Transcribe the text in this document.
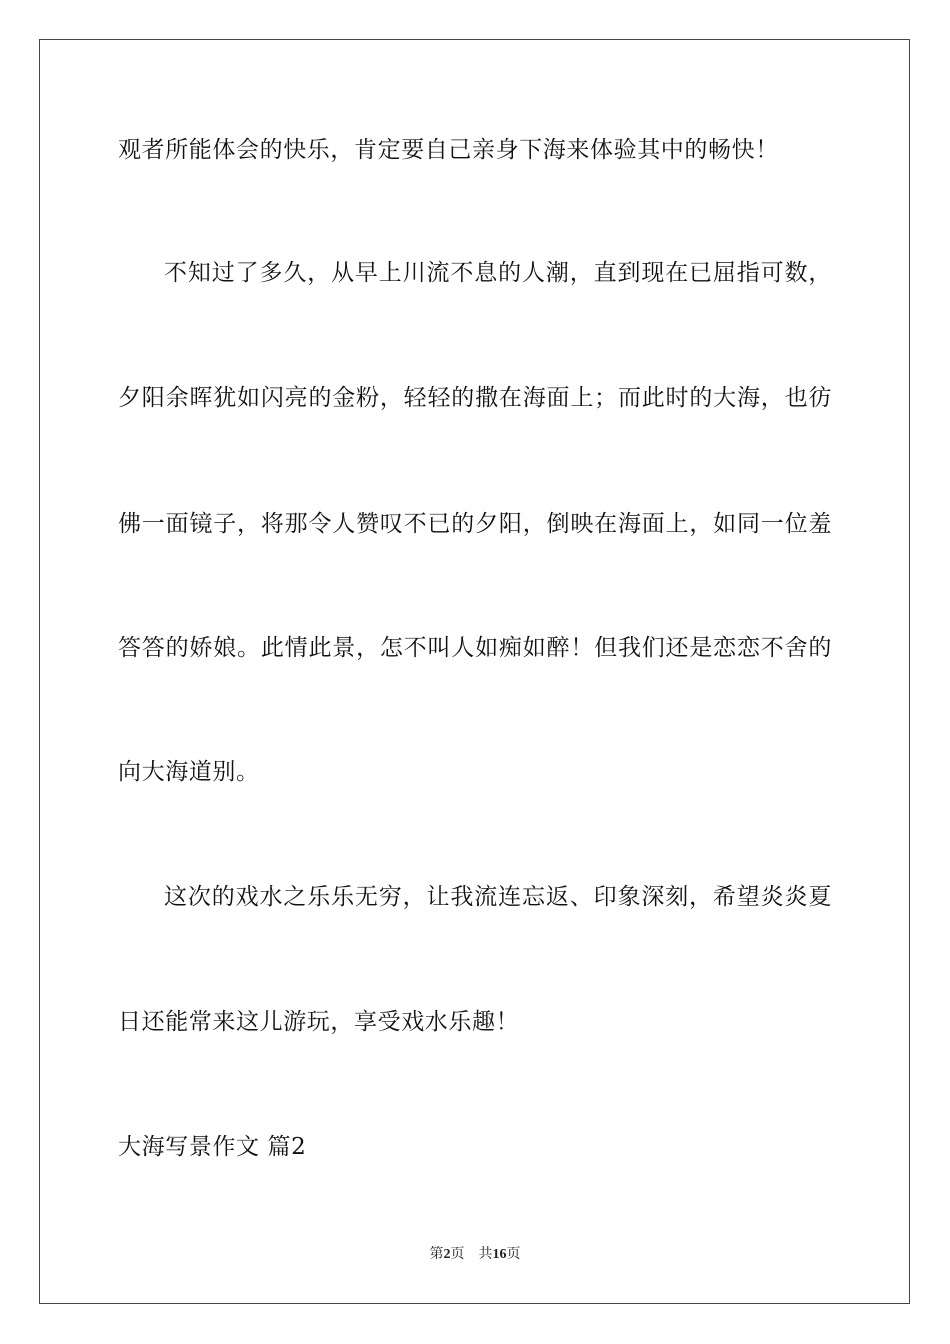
观者所能体会的快乐，肯定要自己亲身下海来体验其中的畅快！
不知过了多久，从早上川流不息的人潮，直到现在已屈指可数，
夕阳余晖犹如闪亮的金粉，轻轻的撒在海面上；而此时的大海，也彷
佛一面镜子，将那令人赞叹不已的夕阳，倒映在海面上，如同一位羞
答答的娇娘。此情此景，怎不叫人如痴如醉！但我们还是恋恋不舍的
向大海道别。
这次的戏水之乐乐无穷，让我流连忘返、印象深刻，希望炎炎夏
日还能常来这儿游玩，享受戏水乐趣！
大海写景作文 篇2
第2页 共16页
